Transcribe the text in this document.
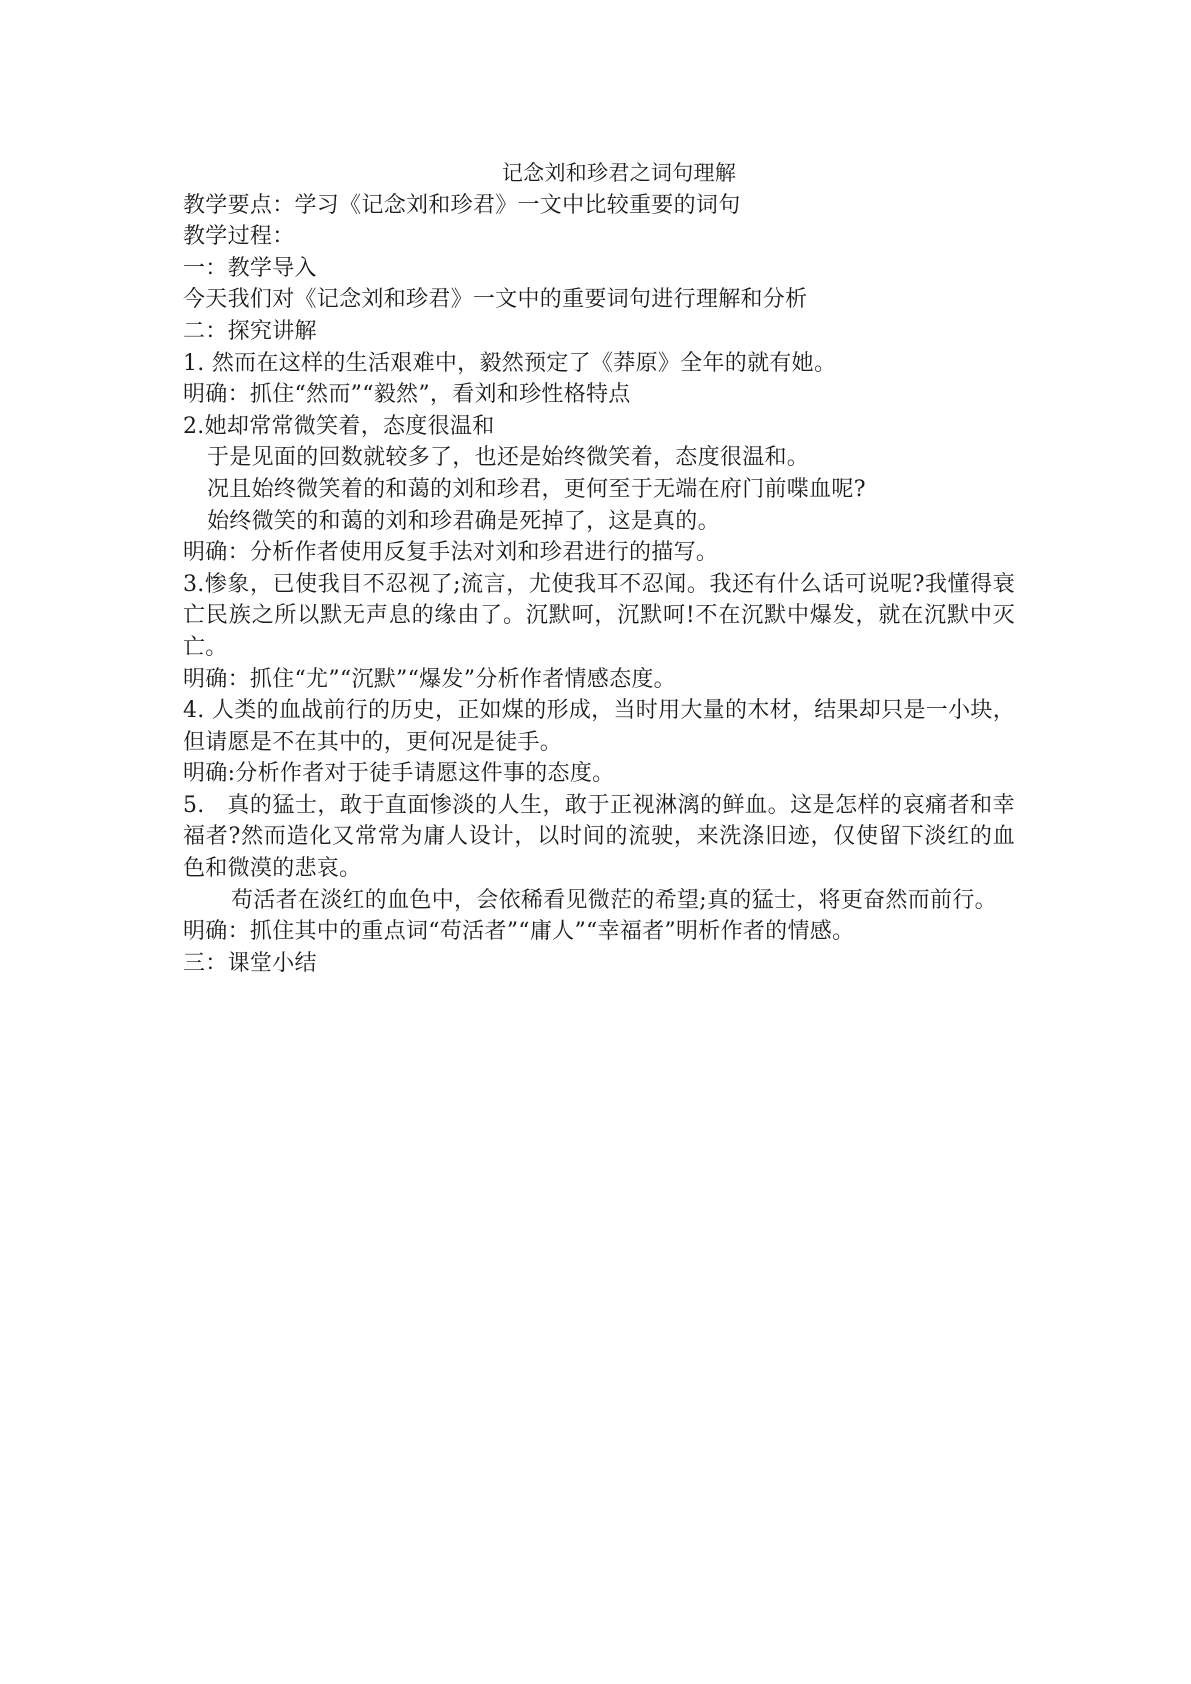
记念刘和珍君之词句理解

教学要点：学习《记念刘和珍君》一文中比较重要的词句

教学过程：

一：教学导入

今天我们对《记念刘和珍君》一文中的重要词句进行理解和分析

二：探究讲解

1. 然而在这样的生活艰难中，毅然预定了《莽原》全年的就有她。

明确：抓住“然而”“毅然”，看刘和珍性格特点

2.她却常常微笑着，态度很温和

于是见面的回数就较多了，也还是始终微笑着，态度很温和。

况且始终微笑着的和蔼的刘和珍君，更何至于无端在府门前喋血呢?

始终微笑的和蔼的刘和珍君确是死掉了，这是真的。

明确：分析作者使用反复手法对刘和珍君进行的描写。

3.惨象，已使我目不忍视了;流言，尤使我耳不忍闻。我还有什么话可说呢?我懂得衰亡民族之所以默无声息的缘由了。沉默呵，沉默呵!不在沉默中爆发，就在沉默中灭亡。

明确：抓住“尤”“沉默”“爆发”分析作者情感态度。

4. 人类的血战前行的历史，正如煤的形成，当时用大量的木材，结果却只是一小块，但请愿是不在其中的，更何况是徒手。

明确:分析作者对于徒手请愿这件事的态度。

5.　真的猛士，敢于直面惨淡的人生，敢于正视淋漓的鲜血。这是怎样的哀痛者和幸福者?然而造化又常常为庸人设计，以时间的流驶，来洗涤旧迹，仅使留下淡红的血色和微漠的悲哀。

苟活者在淡红的血色中，会依稀看见微茫的希望;真的猛士，将更奋然而前行。

明确：抓住其中的重点词“苟活者”“庸人”“幸福者”明析作者的情感。

三：课堂小结
